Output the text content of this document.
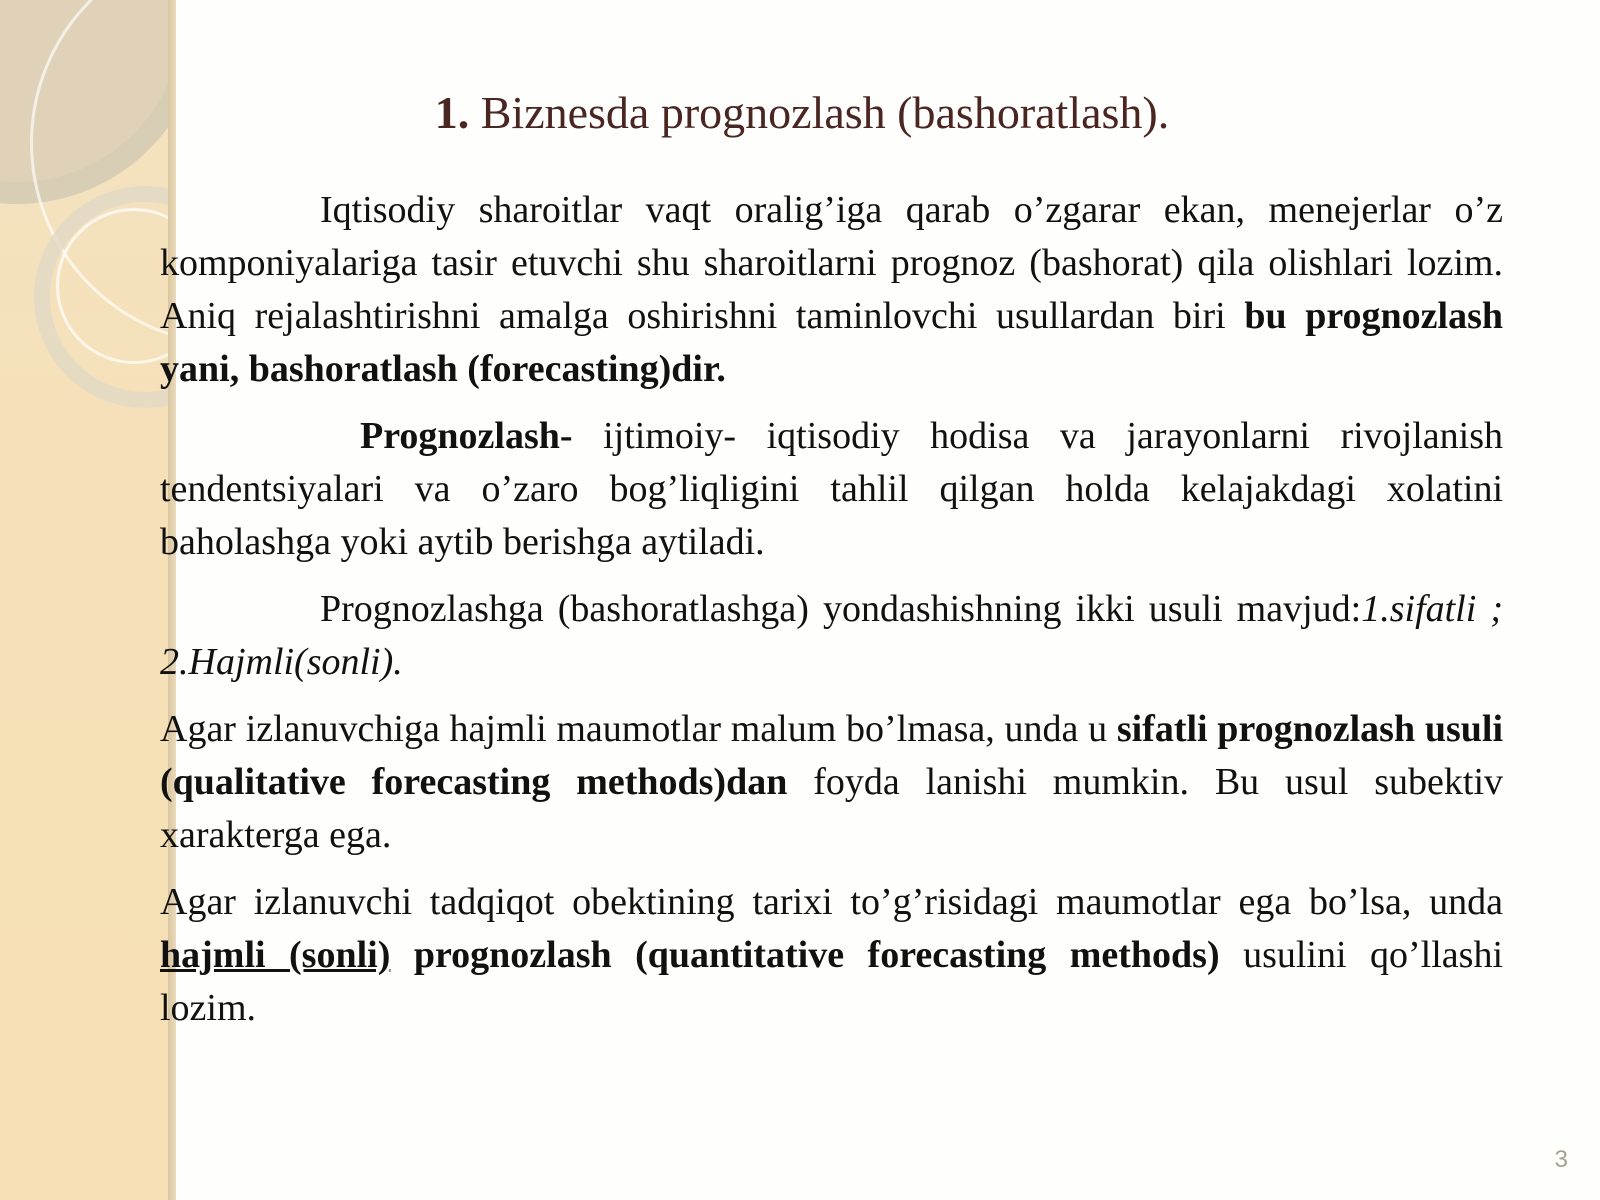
1. Biznesda prognozlash (bashoratlash).

Iqtisodiy sharoitlar vaqt oralig’iga qarab o’zgarar ekan, menejerlar o’z komponiyalariga tasir etuvchi shu sharoitlarni prognoz (bashorat) qila olishlari lozim. Aniq rejalashtirishni amalga oshirishni taminlovchi usullardan biri bu prognozlash yani, bashoratlash (forecasting)dir.

Prognozlash- ijtimoiy- iqtisodiy hodisa va jarayonlarni rivojlanish tendentsiyalari va o’zaro bog’liqligini tahlil qilgan holda kelajakdagi xolatini baholashga yoki aytib berishga aytiladi.

Prognozlashga (bashoratlashga) yondashishning ikki usuli mavjud:1.sifatli ; 2.Hajmli(sonli).

Agar izlanuvchiga hajmli maumotlar malum bo’lmasa, unda u sifatli prognozlash usuli (qualitative forecasting methods)dan foyda lanishi mumkin. Bu usul subektiv xarakterga ega.

Agar izlanuvchi tadqiqot obektining tarixi to’g’risidagi maumotlar ega bo’lsa, unda hajmli (sonli) prognozlash (quantitative forecasting methods) usulini qo’llashi lozim.

3
